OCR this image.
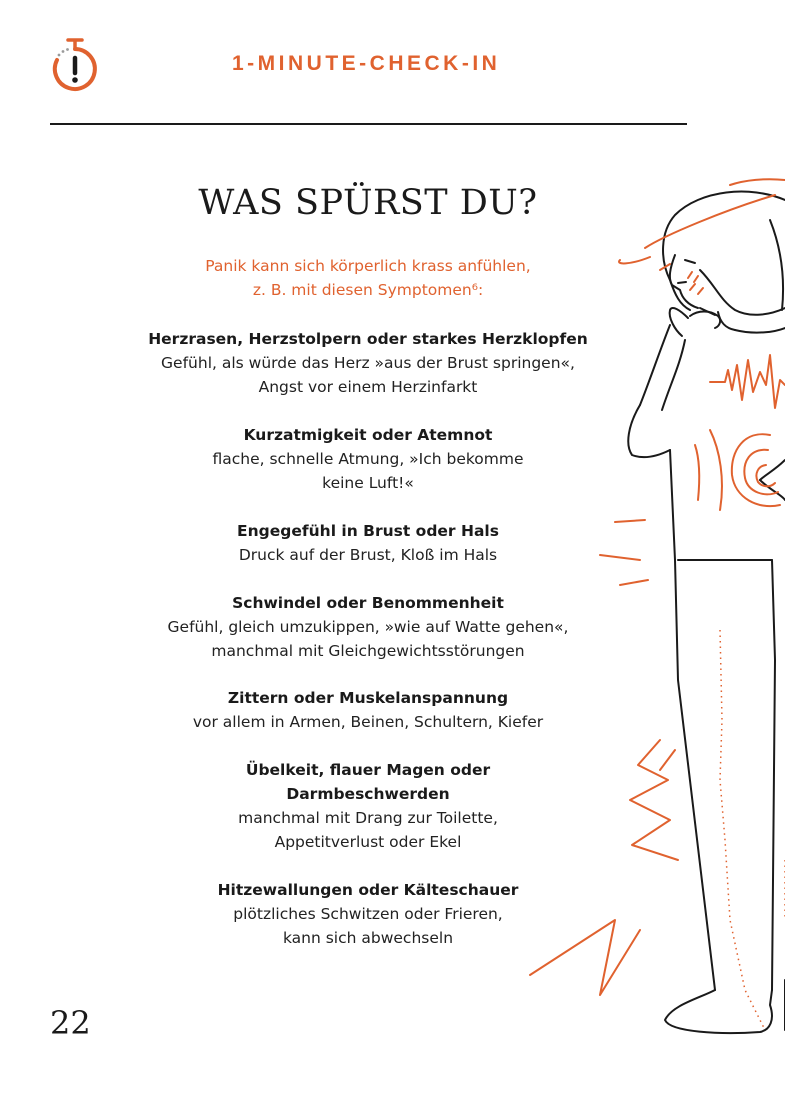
1-MINUTE-CHECK-IN
WAS SPÜRST DU?
Panik kann sich körperlich krass anfühlen,
z. B. mit diesen Symptomen⁶:
Herzrasen, Herzstolpern oder starkes Herzklopfen
Gefühl, als würde das Herz »aus der Brust springen«,
Angst vor einem Herzinfarkt
Kurzatmigkeit oder Atemnot
flache, schnelle Atmung, »Ich bekomme
keine Luft!«
Engegefühl in Brust oder Hals
Druck auf der Brust, Kloß im Hals
Schwindel oder Benommenheit
Gefühl, gleich umzukippen, »wie auf Watte gehen«,
manchmal mit Gleichgewichtsstörungen
Zittern oder Muskelanspannung
vor allem in Armen, Beinen, Schultern, Kiefer
Übelkeit, flauer Magen oder
Darmbeschwerden
manchmal mit Drang zur Toilette,
Appetitverlust oder Ekel
Hitzewallungen oder Kälteschauer
plötzliches Schwitzen oder Frieren,
kann sich abwechseln
22
